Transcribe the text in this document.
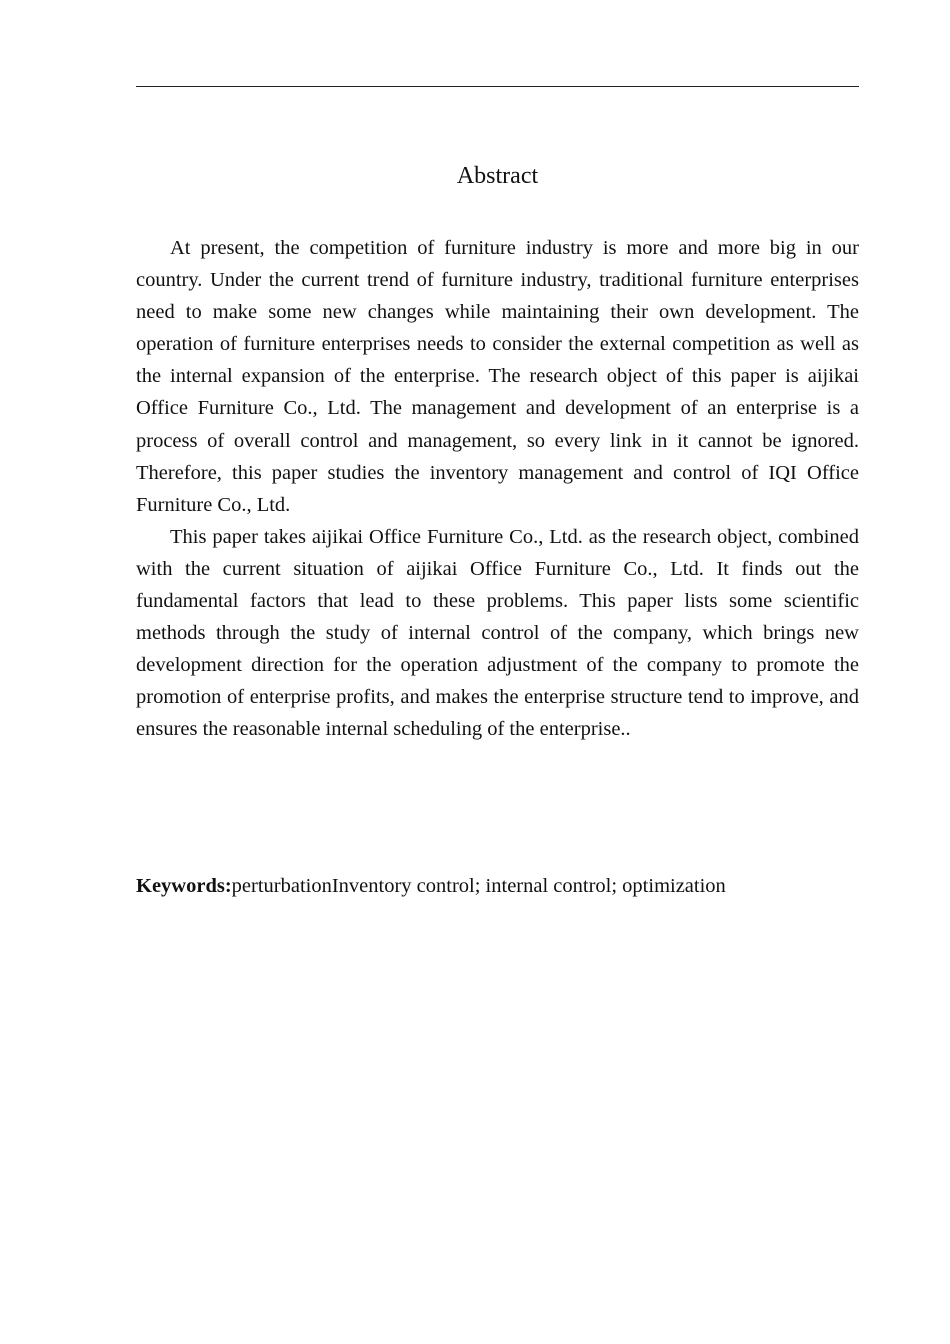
Abstract

At present, the competition of furniture industry is more and more big in our country. Under the current trend of furniture industry, traditional furniture enterprises need to make some new changes while maintaining their own development. The operation of furniture enterprises needs to consider the external competition as well as the internal expansion of the enterprise. The research object of this paper is aijikai Office Furniture Co., Ltd. The management and development of an enterprise is a process of overall control and management, so every link in it cannot be ignored. Therefore, this paper studies the inventory management and control of IQI Office Furniture Co., Ltd.

This paper takes aijikai Office Furniture Co., Ltd. as the research object, combined with the current situation of aijikai Office Furniture Co., Ltd. It finds out the fundamental factors that lead to these problems. This paper lists some scientific methods through the study of internal control of the company, which brings new development direction for the operation adjustment of the company to promote the promotion of enterprise profits, and makes the enterprise structure tend to improve, and ensures the reasonable internal scheduling of the enterprise..

Keywords:perturbationInventory control; internal control; optimization
